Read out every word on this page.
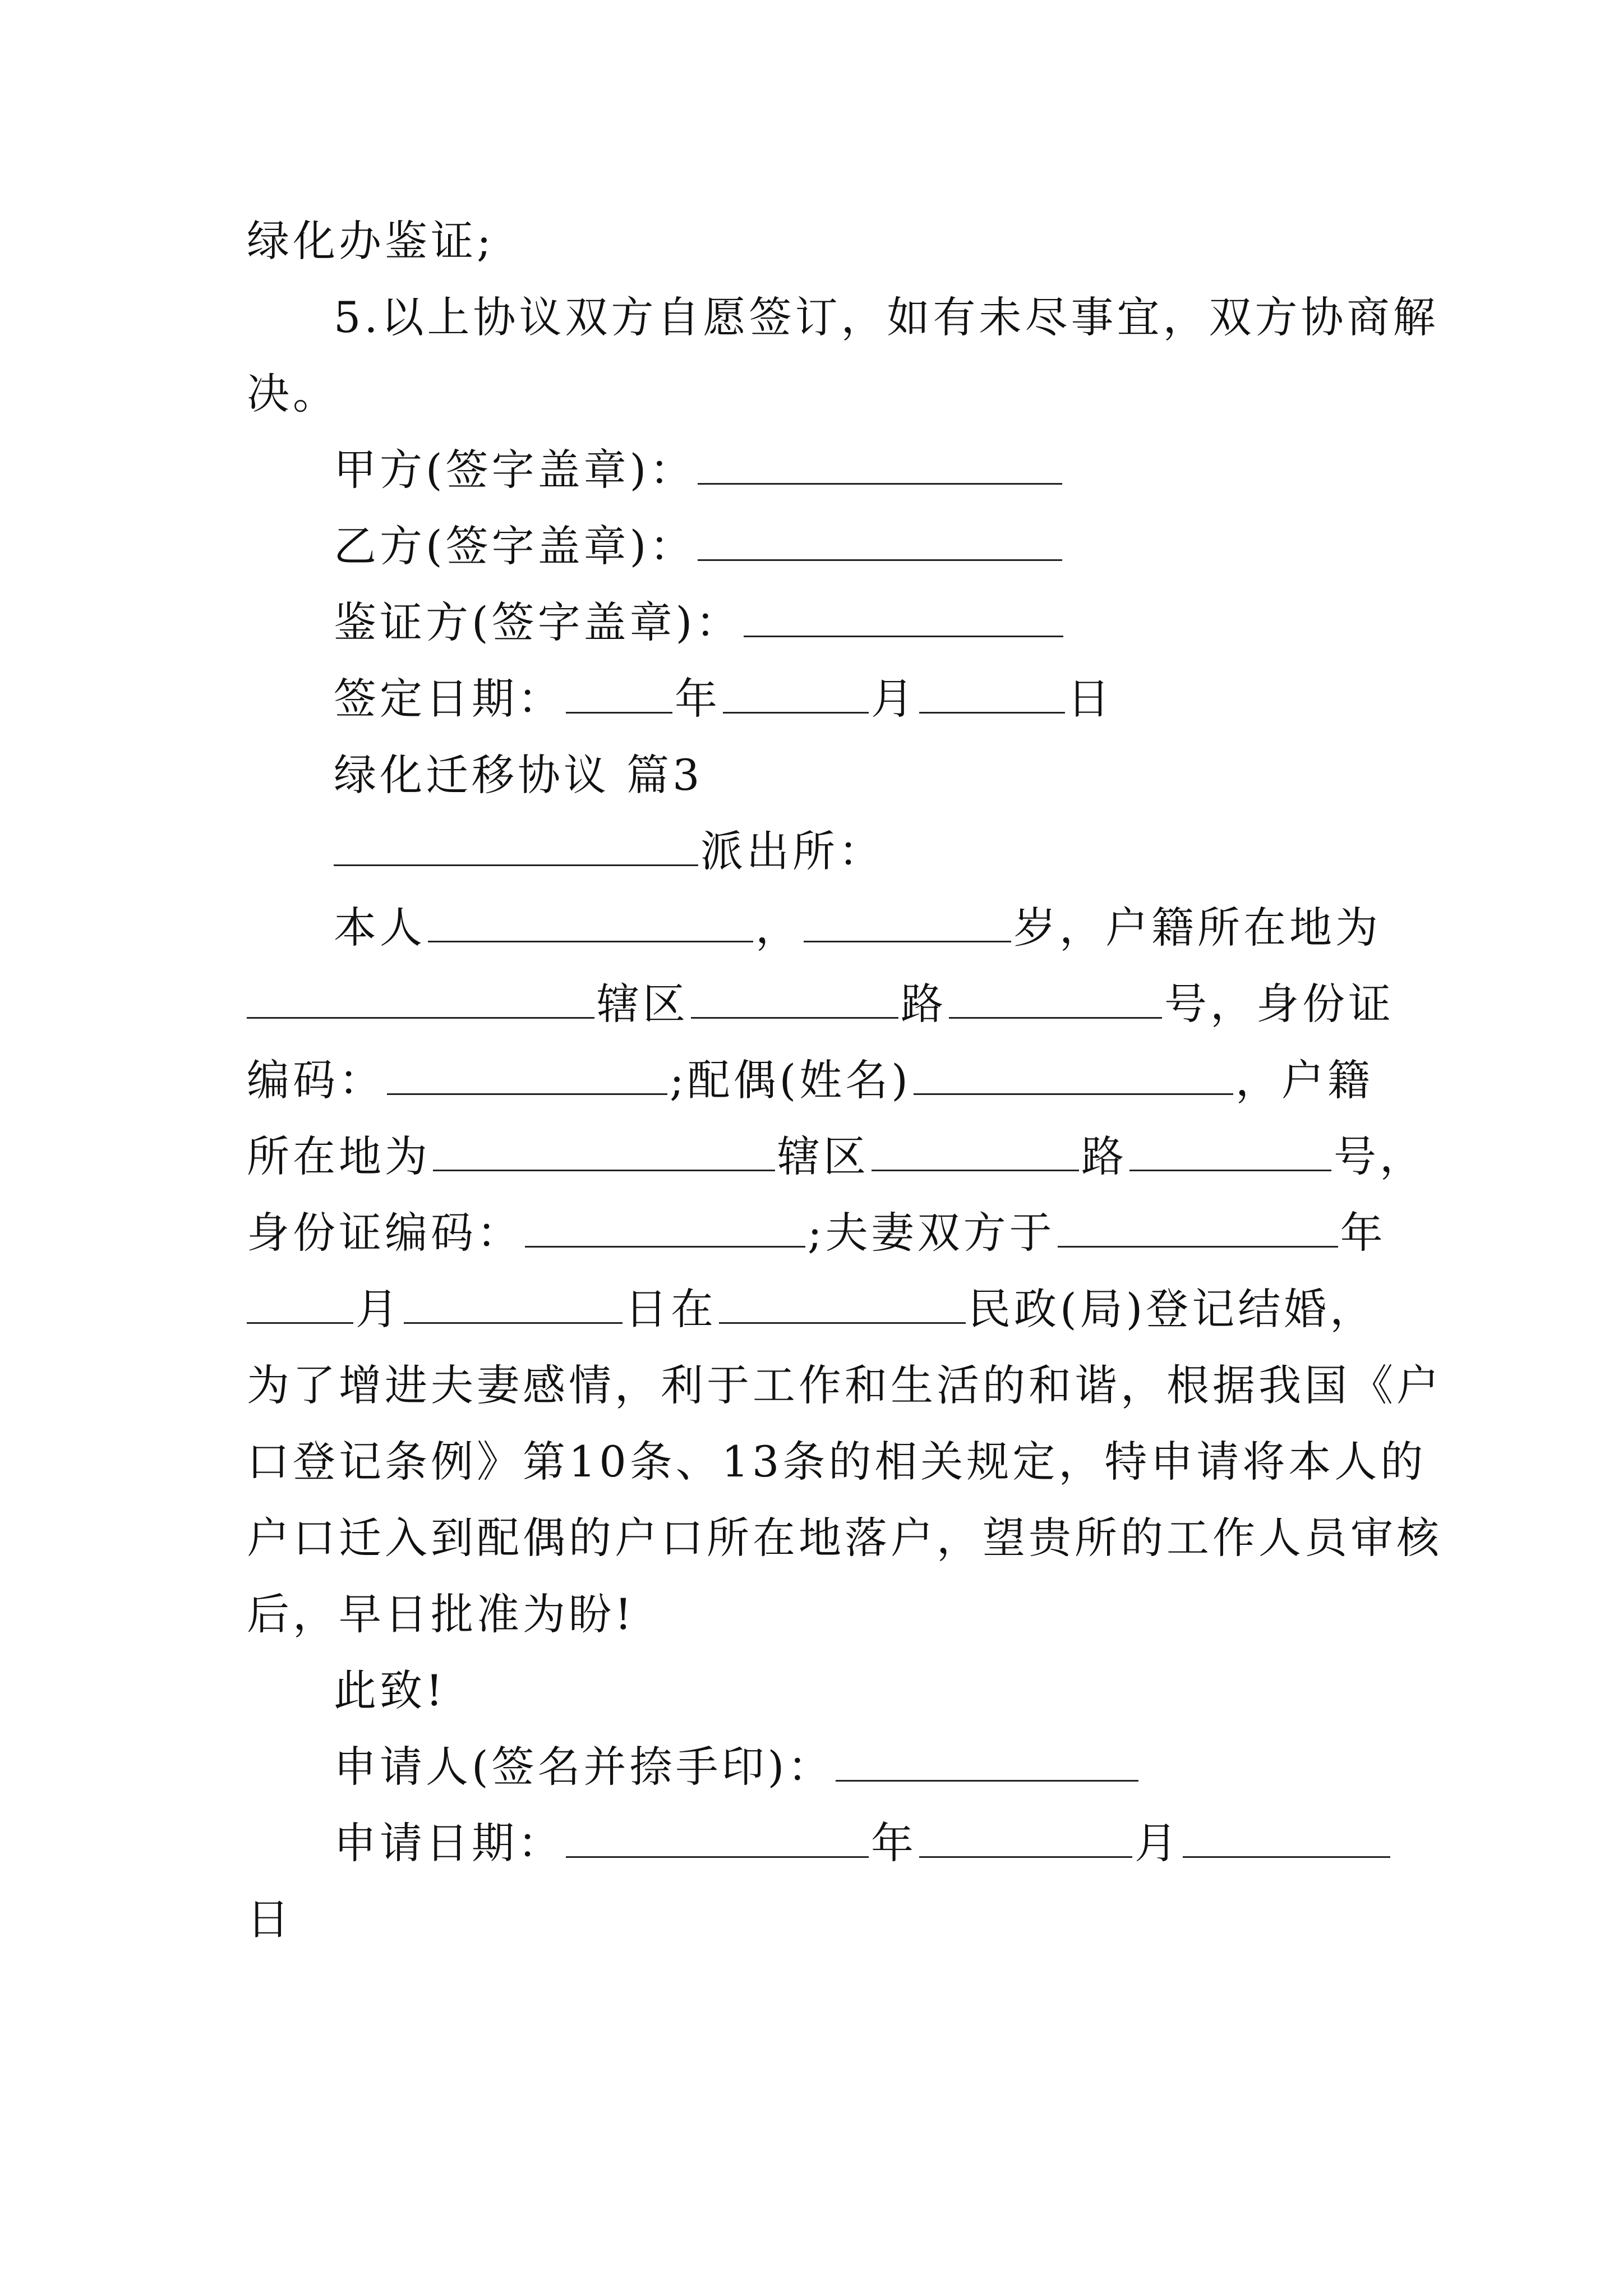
绿化办鉴证;
5.以上协议双方自愿签订，如有未尽事宜，双方协商解
决。
甲方(签字盖章)：
乙方(签字盖章)：
鉴证方(签字盖章)：
签定日期：	年	月	日
绿化迁移协议 篇3
派出所：
本人	，	岁，户籍所在地为
辖区	路	号，身份证
编码：	;配偶(姓名)	，户籍
所在地为	辖区	路	号，
身份证编码：	;夫妻双方于	年
月	日在	民政(局)登记结婚，
为了增进夫妻感情，利于工作和生活的和谐，根据我国《户
口登记条例》第10条、13条的相关规定，特申请将本人的
户口迁入到配偶的户口所在地落户，望贵所的工作人员审核
后，早日批准为盼!
此致!
申请人(签名并捺手印)：
申请日期：	年	月
日
